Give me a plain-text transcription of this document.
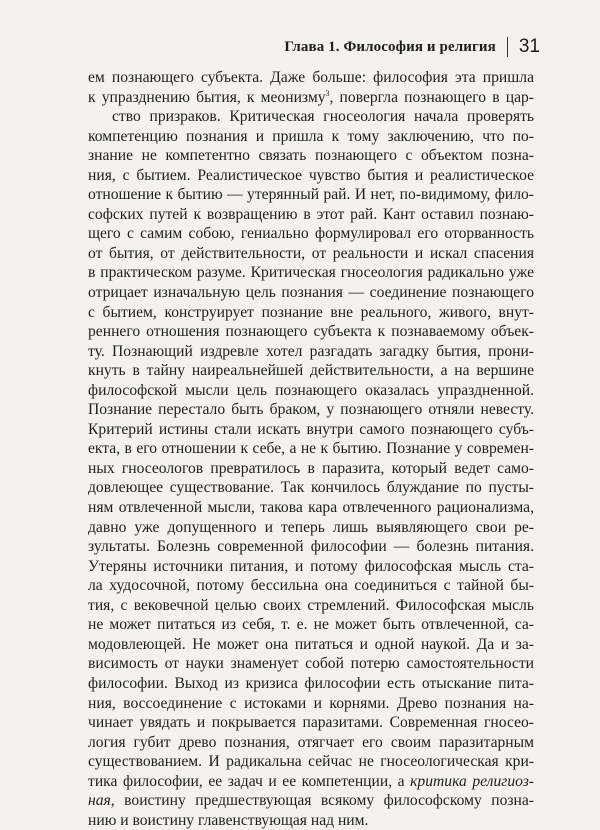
Глава 1. Философия и религия 31
ем познающего субъекта. Даже больше: философия эта пришла
к упразднению бытия, к меонизму$^3$, повергла познающего в цар-
ство призраков. Критическая гносеология начала проверять
компетенцию познания и пришла к тому заключению, что по-
знание не компетентно связать познающего с объектом позна-
ния, с бытием. Реалистическое чувство бытия и реалистическое
отношение к бытию — утерянный рай. И нет, по-видимому, фило-
софских путей к возвращению в этот рай. Кант оставил познаю-
щего с самим собою, гениально формулировал его оторванность
от бытия, от действительности, от реальности и искал спасения
в практическом разуме. Критическая гносеология радикально уже
отрицает изначальную цель познания — соединение познающего
с бытием, конструирует познание вне реального, живого, внут-
реннего отношения познающего субъекта к познаваемому объек-
ту. Познающий издревле хотел разгадать загадку бытия, прони-
кнуть в тайну наиреальнейшей действительности, а на вершине
философской мысли цель познающего оказалась упраздненной.
Познание перестало быть браком, у познающего отняли невесту.
Критерий истины стали искать внутри самого познающего субъ-
екта, в его отношении к себе, а не к бытию. Познание у современ-
ных гносеологов превратилось в паразита, который ведет само-
довлеющее существование. Так кончилось блуждание по пусты-
ням отвлеченной мысли, такова кара отвлеченного рационализма,
давно уже допущенного и теперь лишь выявляющего свои ре-
зультаты. Болезнь современной философии — болезнь питания.
Утеряны источники питания, и потому философская мысль ста-
ла худосочной, потому бессильна она соединиться с тайной бы-
тия, с вековечной целью своих стремлений. Философская мысль
не может питаться из себя, т. е. не может быть отвлеченной, са-
модовлеющей. Не может она питаться и одной наукой. Да и за-
висимость от науки знаменует собой потерю самостоятельности
философии. Выход из кризиса философии есть отыскание пита-
ния, воссоединение с истоками и корнями. Древо познания на-
чинает увядать и покрывается паразитами. Современная гносео-
логия губит древо познания, отягчает его своим паразитарным
существованием. И радикальна сейчас не гносеологическая кри-
тика философии, ее задач и ее компетенции, а критика религиоз-
ная, воистину предшествующая всякому философскому позна-
нию и воистину главенствующая над ним.
